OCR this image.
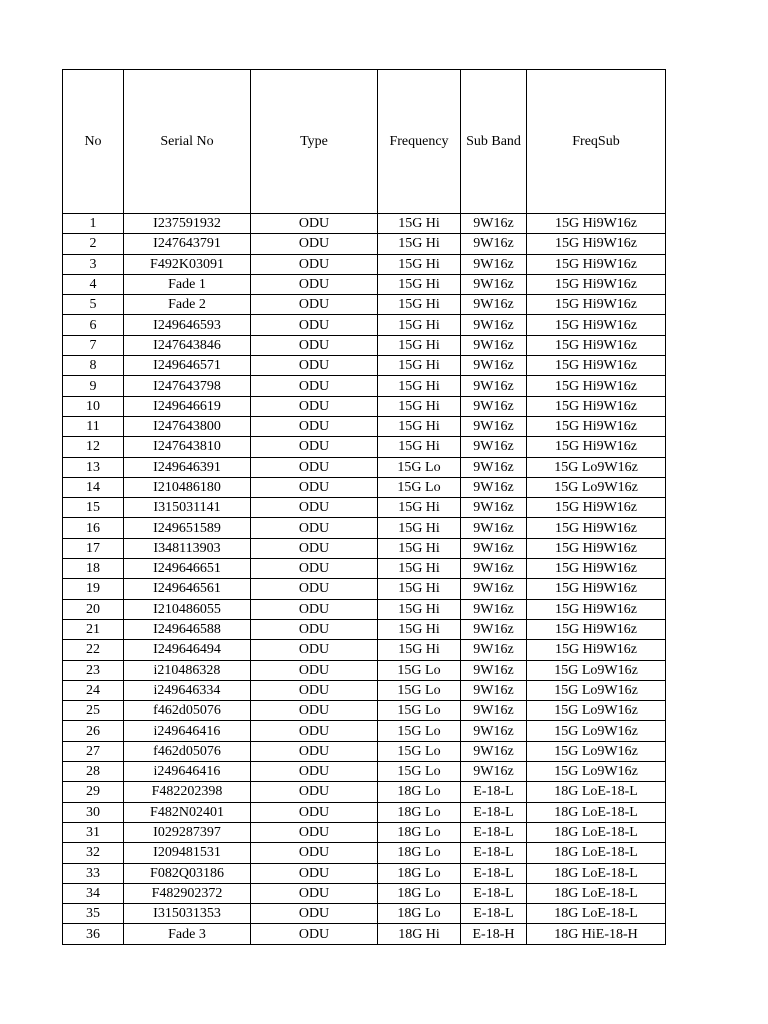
No	Serial No	Type	Frequency	Sub Band	FreqSub
1	I237591932	ODU	15G Hi	9W16z	15G Hi9W16z
2	I247643791	ODU	15G Hi	9W16z	15G Hi9W16z
3	F492K03091	ODU	15G Hi	9W16z	15G Hi9W16z
4	Fade 1	ODU	15G Hi	9W16z	15G Hi9W16z
5	Fade 2	ODU	15G Hi	9W16z	15G Hi9W16z
6	I249646593	ODU	15G Hi	9W16z	15G Hi9W16z
7	I247643846	ODU	15G Hi	9W16z	15G Hi9W16z
8	I249646571	ODU	15G Hi	9W16z	15G Hi9W16z
9	I247643798	ODU	15G Hi	9W16z	15G Hi9W16z
10	I249646619	ODU	15G Hi	9W16z	15G Hi9W16z
11	I247643800	ODU	15G Hi	9W16z	15G Hi9W16z
12	I247643810	ODU	15G Hi	9W16z	15G Hi9W16z
13	I249646391	ODU	15G Lo	9W16z	15G Lo9W16z
14	I210486180	ODU	15G Lo	9W16z	15G Lo9W16z
15	I315031141	ODU	15G Hi	9W16z	15G Hi9W16z
16	I249651589	ODU	15G Hi	9W16z	15G Hi9W16z
17	I348113903	ODU	15G Hi	9W16z	15G Hi9W16z
18	I249646651	ODU	15G Hi	9W16z	15G Hi9W16z
19	I249646561	ODU	15G Hi	9W16z	15G Hi9W16z
20	I210486055	ODU	15G Hi	9W16z	15G Hi9W16z
21	I249646588	ODU	15G Hi	9W16z	15G Hi9W16z
22	I249646494	ODU	15G Hi	9W16z	15G Hi9W16z
23	i210486328	ODU	15G Lo	9W16z	15G Lo9W16z
24	i249646334	ODU	15G Lo	9W16z	15G Lo9W16z
25	f462d05076	ODU	15G Lo	9W16z	15G Lo9W16z
26	i249646416	ODU	15G Lo	9W16z	15G Lo9W16z
27	f462d05076	ODU	15G Lo	9W16z	15G Lo9W16z
28	i249646416	ODU	15G Lo	9W16z	15G Lo9W16z
29	F482202398	ODU	18G Lo	E-18-L	18G LoE-18-L
30	F482N02401	ODU	18G Lo	E-18-L	18G LoE-18-L
31	I029287397	ODU	18G Lo	E-18-L	18G LoE-18-L
32	I209481531	ODU	18G Lo	E-18-L	18G LoE-18-L
33	F082Q03186	ODU	18G Lo	E-18-L	18G LoE-18-L
34	F482902372	ODU	18G Lo	E-18-L	18G LoE-18-L
35	I315031353	ODU	18G Lo	E-18-L	18G LoE-18-L
36	Fade 3	ODU	18G Hi	E-18-H	18G HiE-18-H
